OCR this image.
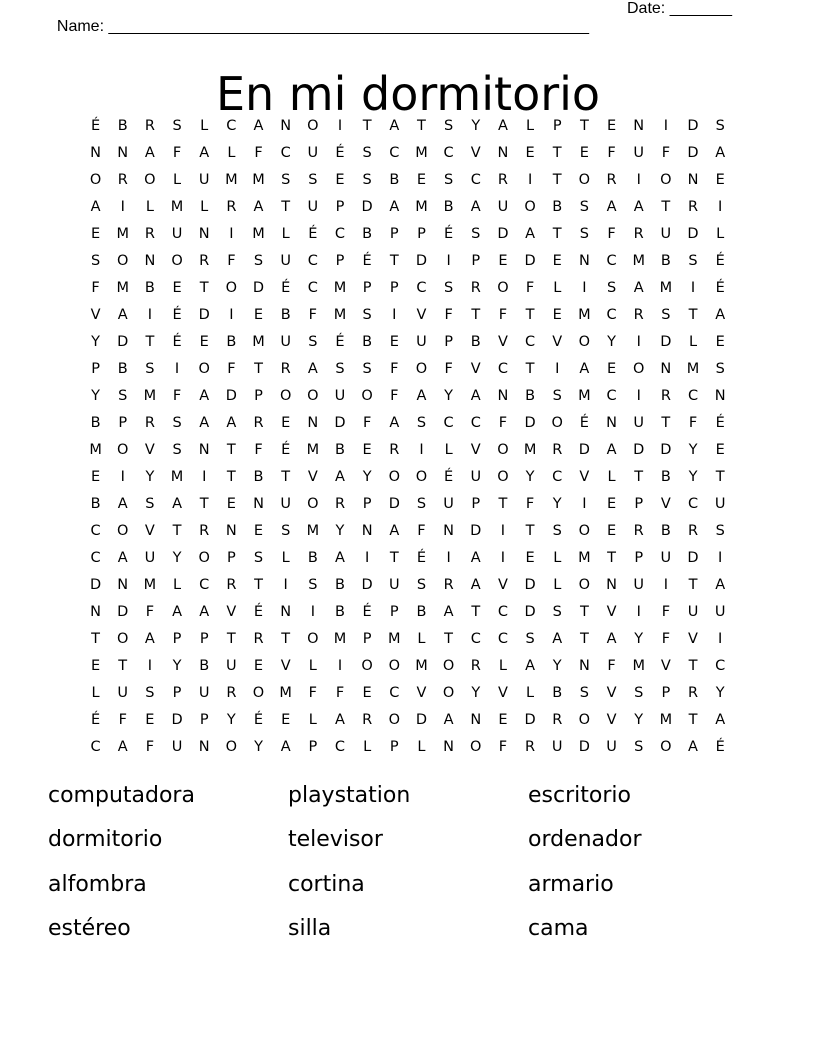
Name: ______________________________________________________

Date: _______

En mi dormitorio
É	B	R	S	L	C	A	N	O	I	T	A	T	S	Y	A	L	P	T	E	N	I	D	S
N	N	A	F	A	L	F	C	U	É	S	C	M	C	V	N	E	T	E	F	U	F	D	A
O	R	O	L	U	M	M	S	S	E	S	B	E	S	C	R	I	T	O	R	I	O	N	E
A	I	L	M	L	R	A	T	U	P	D	A	M	B	A	U	O	B	S	A	A	T	R	I
E	M	R	U	N	I	M	L	É	C	B	P	P	É	S	D	A	T	S	F	R	U	D	L
S	O	N	O	R	F	S	U	C	P	É	T	D	I	P	E	D	E	N	C	M	B	S	É
F	M	B	E	T	O	D	É	C	M	P	P	C	S	R	O	F	L	I	S	A	M	I	É
V	A	I	É	D	I	E	B	F	M	S	I	V	F	T	F	T	E	M	C	R	S	T	A
Y	D	T	É	E	B	M	U	S	É	B	E	U	P	B	V	C	V	O	Y	I	D	L	E
P	B	S	I	O	F	T	R	A	S	S	F	O	F	V	C	T	I	A	E	O	N	M	S
Y	S	M	F	A	D	P	O	O	U	O	F	A	Y	A	N	B	S	M	C	I	R	C	N
B	P	R	S	A	A	R	E	N	D	F	A	S	C	C	F	D	O	É	N	U	T	F	É
M	O	V	S	N	T	F	É	M	B	E	R	I	L	V	O	M	R	D	A	D	D	Y	E
E	I	Y	M	I	T	B	T	V	A	Y	O	O	É	U	O	Y	C	V	L	T	B	Y	T
B	A	S	A	T	E	N	U	O	R	P	D	S	U	P	T	F	Y	I	E	P	V	C	U
C	O	V	T	R	N	E	S	M	Y	N	A	F	N	D	I	T	S	O	E	R	B	R	S
C	A	U	Y	O	P	S	L	B	A	I	T	É	I	A	I	E	L	M	T	P	U	D	I
D	N	M	L	C	R	T	I	S	B	D	U	S	R	A	V	D	L	O	N	U	I	T	A
N	D	F	A	A	V	É	N	I	B	É	P	B	A	T	C	D	S	T	V	I	F	U	U
T	O	A	P	P	T	R	T	O	M	P	M	L	T	C	C	S	A	T	A	Y	F	V	I
E	T	I	Y	B	U	E	V	L	I	O	O	M	O	R	L	A	Y	N	F	M	V	T	C
L	U	S	P	U	R	O	M	F	F	E	C	V	O	Y	V	L	B	S	V	S	P	R	Y
É	F	E	D	P	Y	É	E	L	A	R	O	D	A	N	E	D	R	O	V	Y	M	T	A
C	A	F	U	N	O	Y	A	P	C	L	P	L	N	O	F	R	U	D	U	S	O	A	É
computadora	playstation	escritorio
dormitorio	televisor	ordenador
alfombra	cortina	armario
estéreo	silla	cama
